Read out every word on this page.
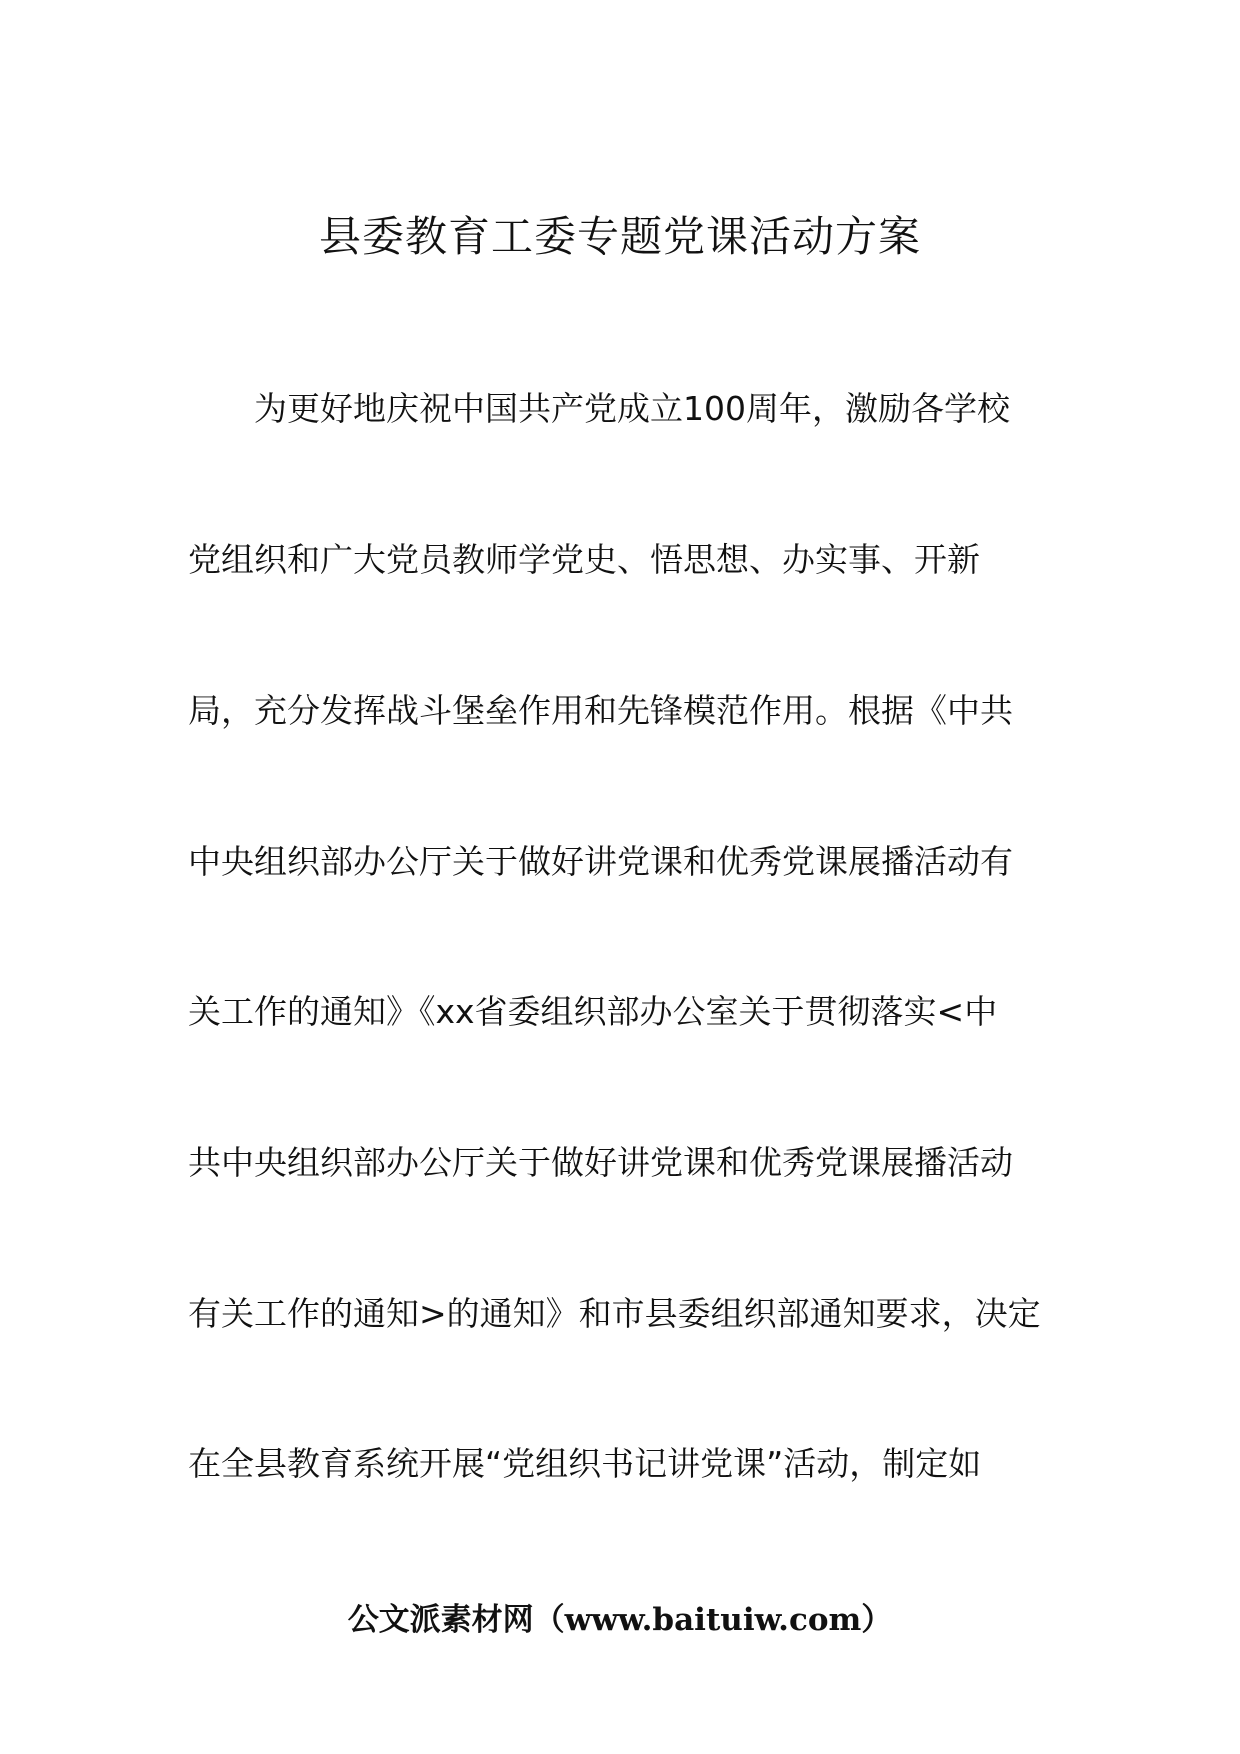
县委教育工委专题党课活动方案

为更好地庆祝中国共产党成立100周年，激励各学校

党组织和广大党员教师学党史、悟思想、办实事、开新

局，充分发挥战斗堡垒作用和先锋模范作用。根据《中共

中央组织部办公厅关于做好讲党课和优秀党课展播活动有

关工作的通知》《xx省委组织部办公室关于贯彻落实<中

共中央组织部办公厅关于做好讲党课和优秀党课展播活动

有关工作的通知>的通知》和市县委组织部通知要求，决定

在全县教育系统开展“党组织书记讲党课”活动，制定如

公文派素材网（www.baituiw.com）
